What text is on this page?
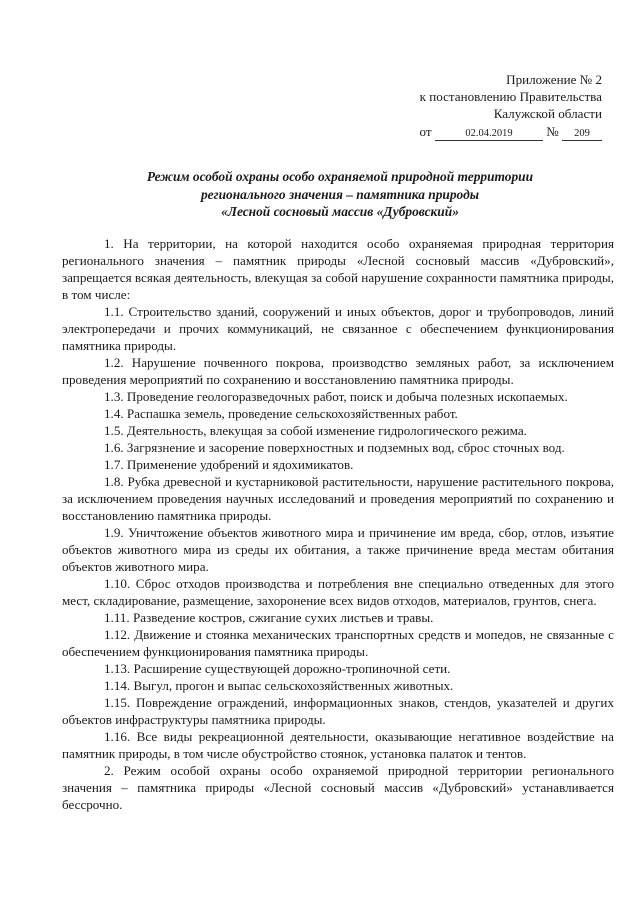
Приложение № 2
к постановлению Правительства
Калужской области
от	02.04.2019	№ 209
Режим особой охраны особо охраняемой природной территории
регионального значения – памятника природы
«Лесной сосновый массив «Дубровский»

1. На территории, на которой находится особо охраняемая природная территория регионального значения – памятник природы «Лесной сосновый массив «Дубровский», запрещается всякая деятельность, влекущая за собой нарушение сохранности памятника природы, в том числе:

1.1. Строительство зданий, сооружений и иных объектов, дорог и трубопроводов, линий электропередачи и прочих коммуникаций, не связанное с обеспечением функционирования памятника природы.

1.2. Нарушение почвенного покрова, производство земляных работ, за исключением проведения мероприятий по сохранению и восстановлению памятника природы.

1.3. Проведение геологоразведочных работ, поиск и добыча полезных ископаемых.

1.4. Распашка земель, проведение сельскохозяйственных работ.

1.5. Деятельность, влекущая за собой изменение гидрологического режима.

1.6. Загрязнение и засорение поверхностных и подземных вод, сброс сточных вод.

1.7. Применение удобрений и ядохимикатов.

1.8. Рубка древесной и кустарниковой растительности, нарушение растительного покрова, за исключением проведения научных исследований и проведения мероприятий по сохранению и восстановлению памятника природы.

1.9. Уничтожение объектов животного мира и причинение им вреда, сбор, отлов, изъятие объектов животного мира из среды их обитания, а также причинение вреда местам обитания объектов животного мира.

1.10. Сброс отходов производства и потребления вне специально отведенных для этого мест, складирование, размещение, захоронение всех видов отходов, материалов, грунтов, снега.

1.11. Разведение костров, сжигание сухих листьев и травы.

1.12. Движение и стоянка механических транспортных средств и мопедов, не связанные с обеспечением функционирования памятника природы.

1.13. Расширение существующей дорожно-тропиночной сети.

1.14. Выгул, прогон и выпас сельскохозяйственных животных.

1.15. Повреждение ограждений, информационных знаков, стендов, указателей и других объектов инфраструктуры памятника природы.

1.16. Все виды рекреационной деятельности, оказывающие негативное воздействие на памятник природы, в том числе обустройство стоянок, установка палаток и тентов.

2. Режим особой охраны особо охраняемой природной территории регионального значения – памятника природы «Лесной сосновый массив «Дубровский» устанавливается бессрочно.
